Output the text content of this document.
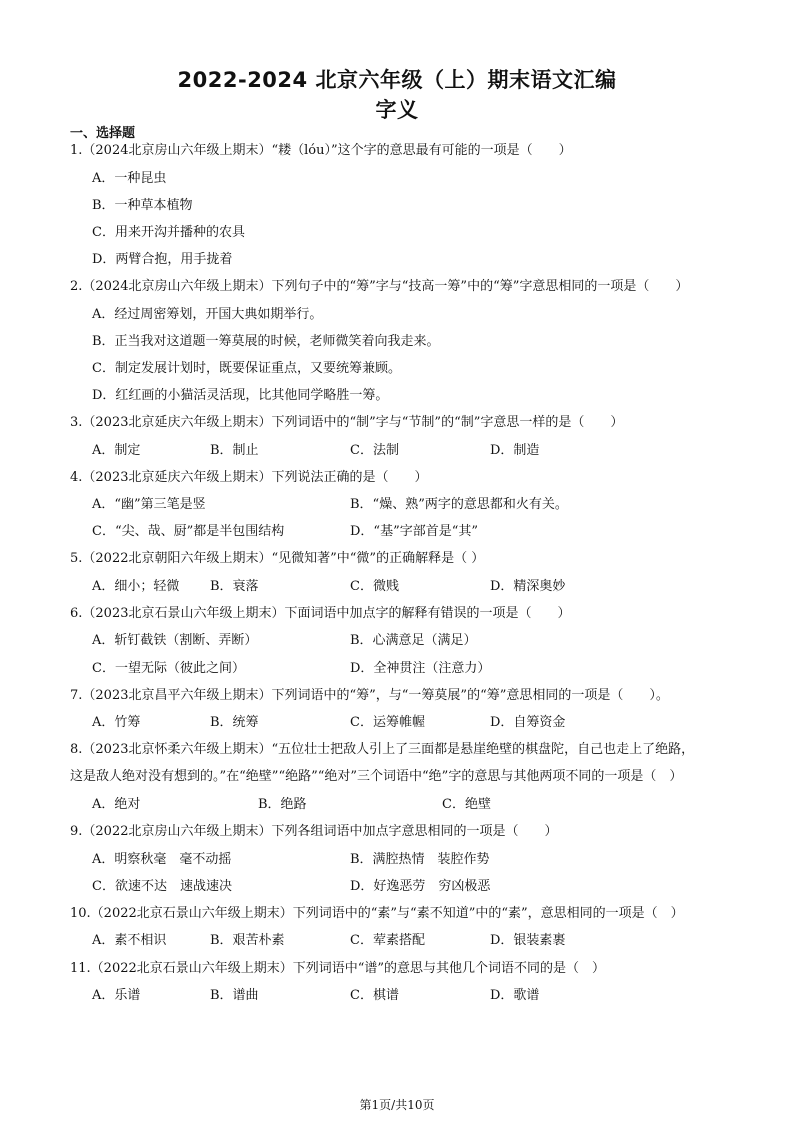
2022-2024 北京六年级（上）期末语文汇编
字义
一、选择题
1.（2024北京房山六年级上期末）“耧（lóu）”这个字的意思最有可能的一项是（　　）
A．一种昆虫
B．一种草本植物
C．用来开沟并播种的农具
D．两臂合抱，用手拢着
2.（2024北京房山六年级上期末）下列句子中的“筹”字与“技高一筹”中的“筹”字意思相同的一项是（　　）
A．经过周密筹划，开国大典如期举行。
B．正当我对这道题一筹莫展的时候，老师微笑着向我走来。
C．制定发展计划时，既要保证重点，又要统筹兼顾。
D．红红画的小猫活灵活现，比其他同学略胜一筹。
3.（2023北京延庆六年级上期末）下列词语中的“制”字与“节制”的“制”字意思一样的是（　　）
A．制定	B．制止	C．法制	D．制造
4.（2023北京延庆六年级上期末）下列说法正确的是（　　）
A．“幽”第三笔是竖	B．“燥、熟”两字的意思都和火有关。
C．“尖、哉、厨”都是半包围结构	D．“基”字部首是“其”
5.（2022北京朝阳六年级上期末）“见微知著”中“微”的正确解释是（ ）
A．细小；轻微 B．衰落	C．微贱	D．精深奥妙
6.（2023北京石景山六年级上期末）下面词语中加点字的解释有错误的一项是（　　）
A．斩钉截铁（割断、弄断）	B．心满意足（满足）
C．一望无际（彼此之间）	D．全神贯注（注意力）
7.（2023北京昌平六年级上期末）下列词语中的“筹”，与“一筹莫展”的“筹”意思相同的一项是（　　）。
A．竹筹	B．统筹	C．运筹帷幄	D．自筹资金
8.（2023北京怀柔六年级上期末）“五位壮士把敌人引上了三面都是悬崖绝壁的棋盘陀，自己也走上了绝路，
这是敌人绝对没有想到的。”在“绝壁”“绝路”“绝对”三个词语中“绝”字的意思与其他两项不同的一项是（　）
A．绝对	B．绝路	C．绝壁
9.（2022北京房山六年级上期末）下列各组词语中加点字意思相同的一项是（　　）
A．明察秋毫　毫不动摇	B．满腔热情　装腔作势
C．欲速不达　速战速决	D．好逸恶劳　穷凶极恶
10.（2022北京石景山六年级上期末）下列词语中的“素”与“素不知道”中的“素”，意思相同的一项是（　）
A．素不相识	B．艰苦朴素	C．荤素搭配	D．银装素裹
11.（2022北京石景山六年级上期末）下列词语中“谱”的意思与其他几个词语不同的是（　）
A．乐谱	B．谱曲	C．棋谱	D．歌谱
第1页/共10页
